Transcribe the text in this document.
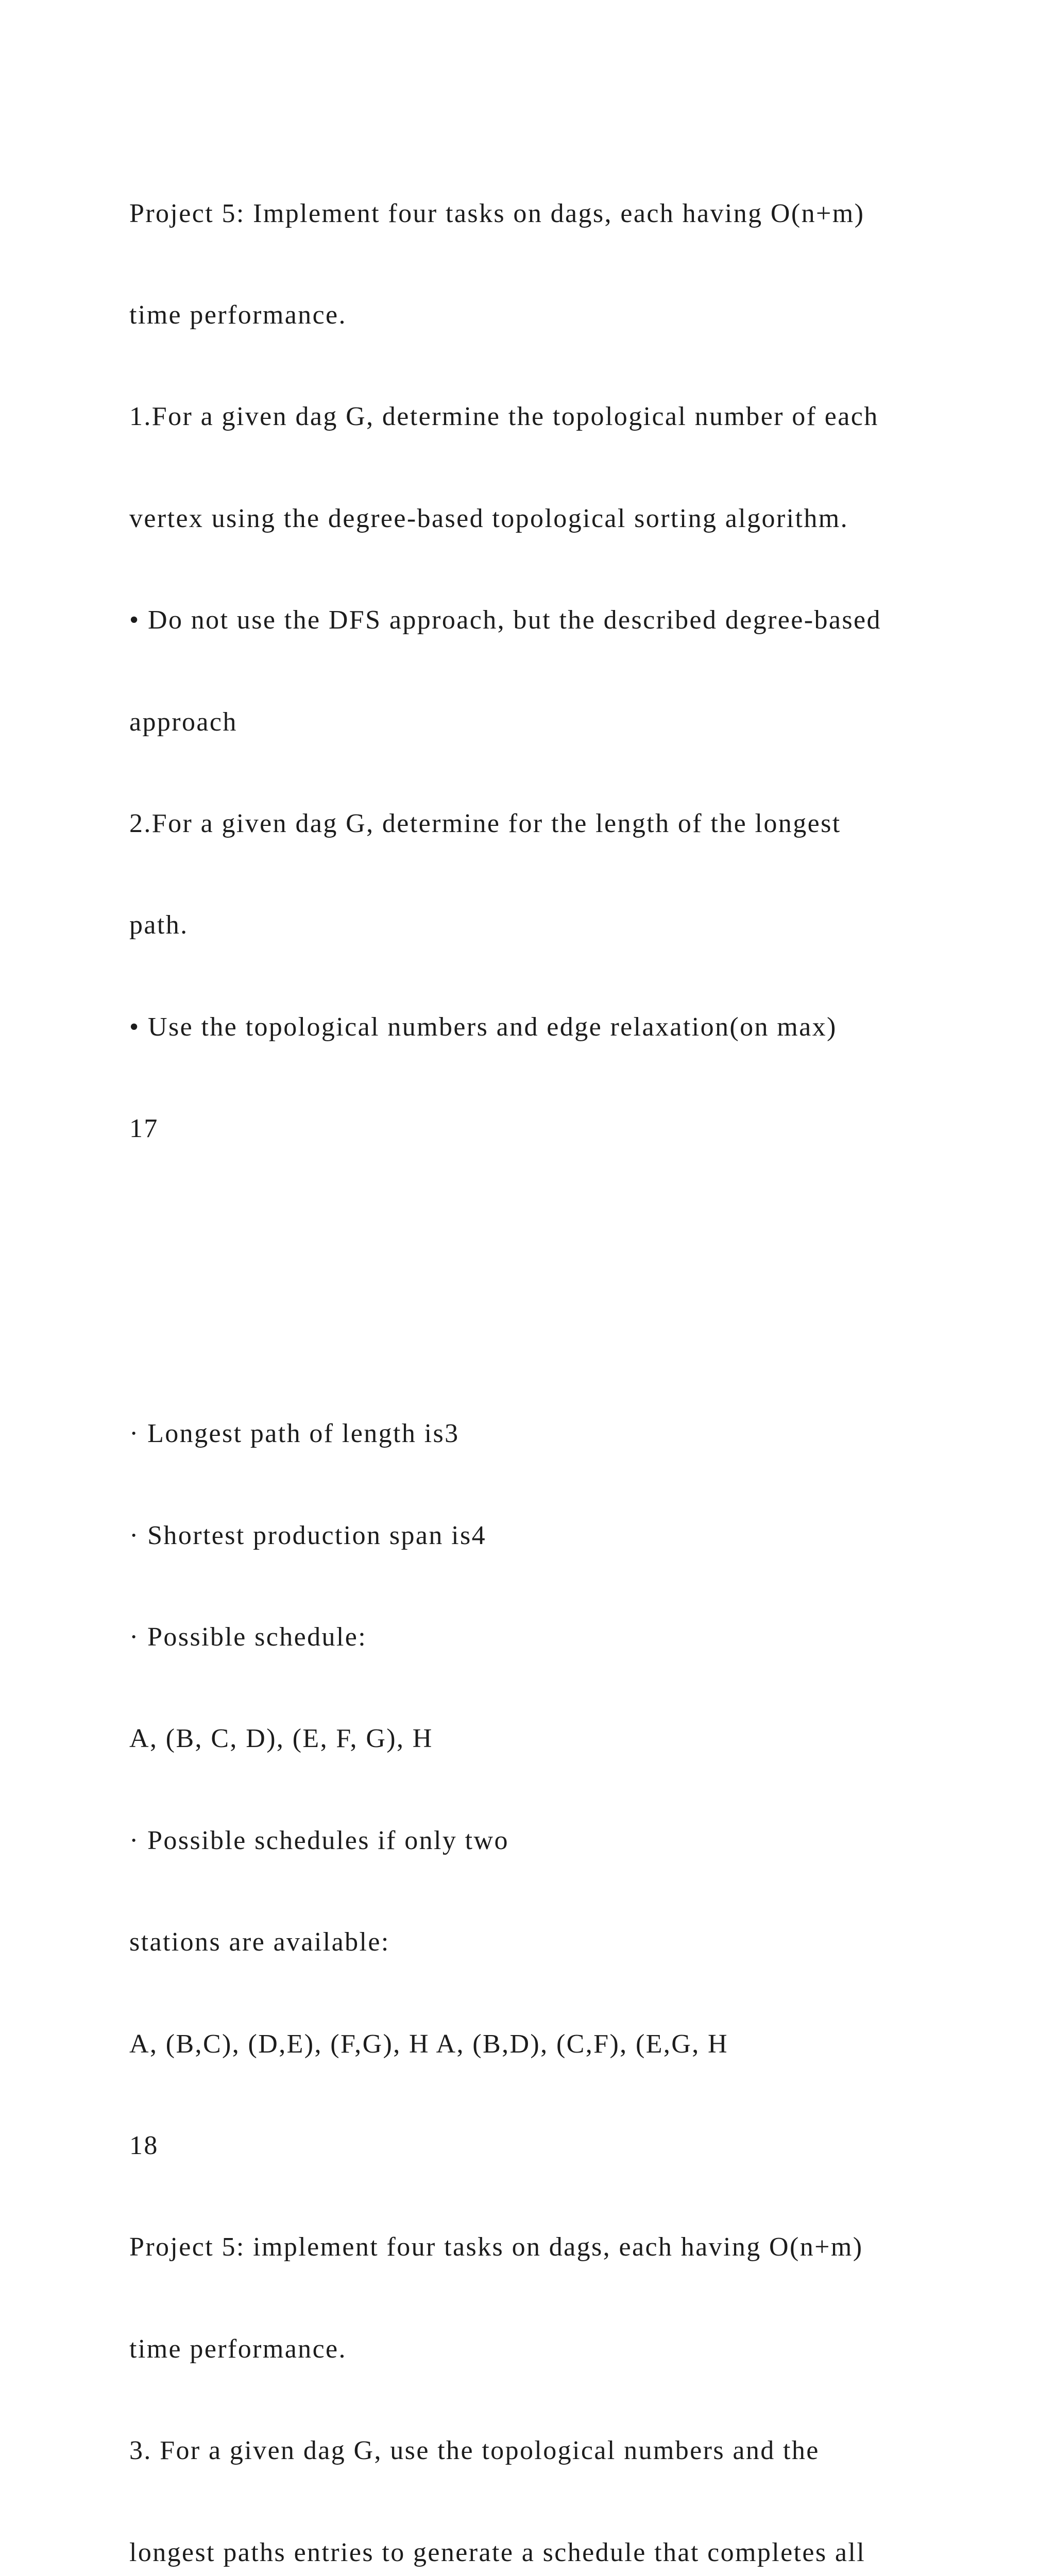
Project 5: Implement four tasks on dags, each having O(n+m)

time performance.

1.For a given dag G, determine the topological number of each

vertex using the degree-based topological sorting algorithm.

• Do not use the DFS approach, but the described degree-based

approach

2.For a given dag G, determine for the length of the longest

path.

• Use the topological numbers and edge relaxation(on max)

17

· Longest path of length is3

· Shortest production span is4

· Possible schedule:

A, (B, C, D), (E, F, G), H

· Possible schedules if only two

stations are available:

A, (B,C), (D,E), (F,G), H A, (B,D), (C,F), (E,G, H

18

Project 5: implement four tasks on dags, each having O(n+m)

time performance.

3. For a given dag G, use the topological numbers and the

longest paths entries to generate a schedule that completes all
